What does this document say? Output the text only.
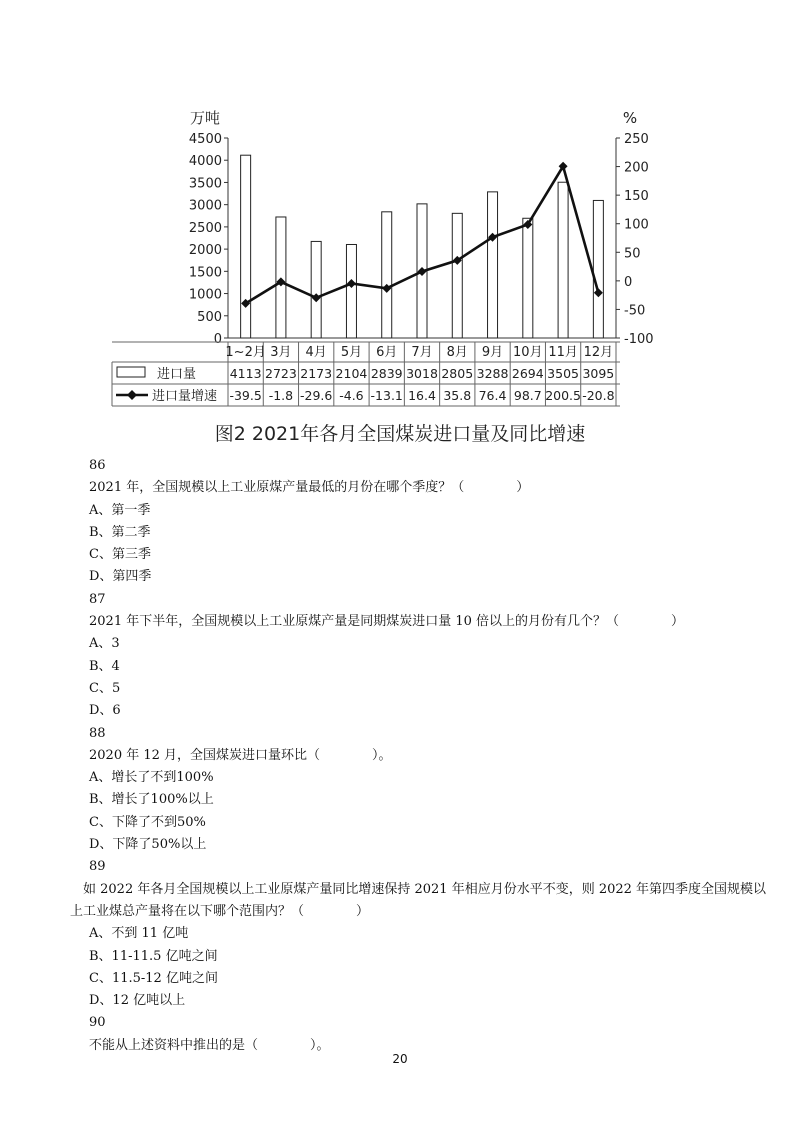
万吨	%
0
500
1000
1500
2000
2500
3000
3500
4000
4500
-100
-50
0
50
100
150
200
250
1~2月 3月 4月 5月 6月 7月 8月 9月 10月 11月 12月
进口量
进口量增速
4113 2723 2173 2104 2839 3018 2805 3288 2694 3505 3095
-39.5 -1.8 -29.6 -4.6 -13.1 16.4 35.8 76.4 98.7 200.5 -20.8
图2 2021年各月全国煤炭进口量及同比增速
86
2021 年，全国规模以上工业原煤产量最低的月份在哪个季度？（　　　　）
A、第一季
B、第二季
C、第三季
D、第四季
87
2021 年下半年，全国规模以上工业原煤产量是同期煤炭进口量 10 倍以上的月份有几个？（　　　　）
A、3
B、4
C、5
D、6
88
2020 年 12 月，全国煤炭进口量环比（　　　　）。
A、增长了不到100%
B、增长了100%以上
C、下降了不到50%
D、下降了50%以上
89
　如 2022 年各月全国规模以上工业原煤产量同比增速保持 2021 年相应月份水平不变，则 2022 年第四季度全国规模以上工业煤总产量将在以下哪个范围内？（　　　　）
A、不到 11 亿吨
B、11-11.5 亿吨之间
C、11.5-12 亿吨之间
D、12 亿吨以上
90
不能从上述资料中推出的是（　　　　）。
20
